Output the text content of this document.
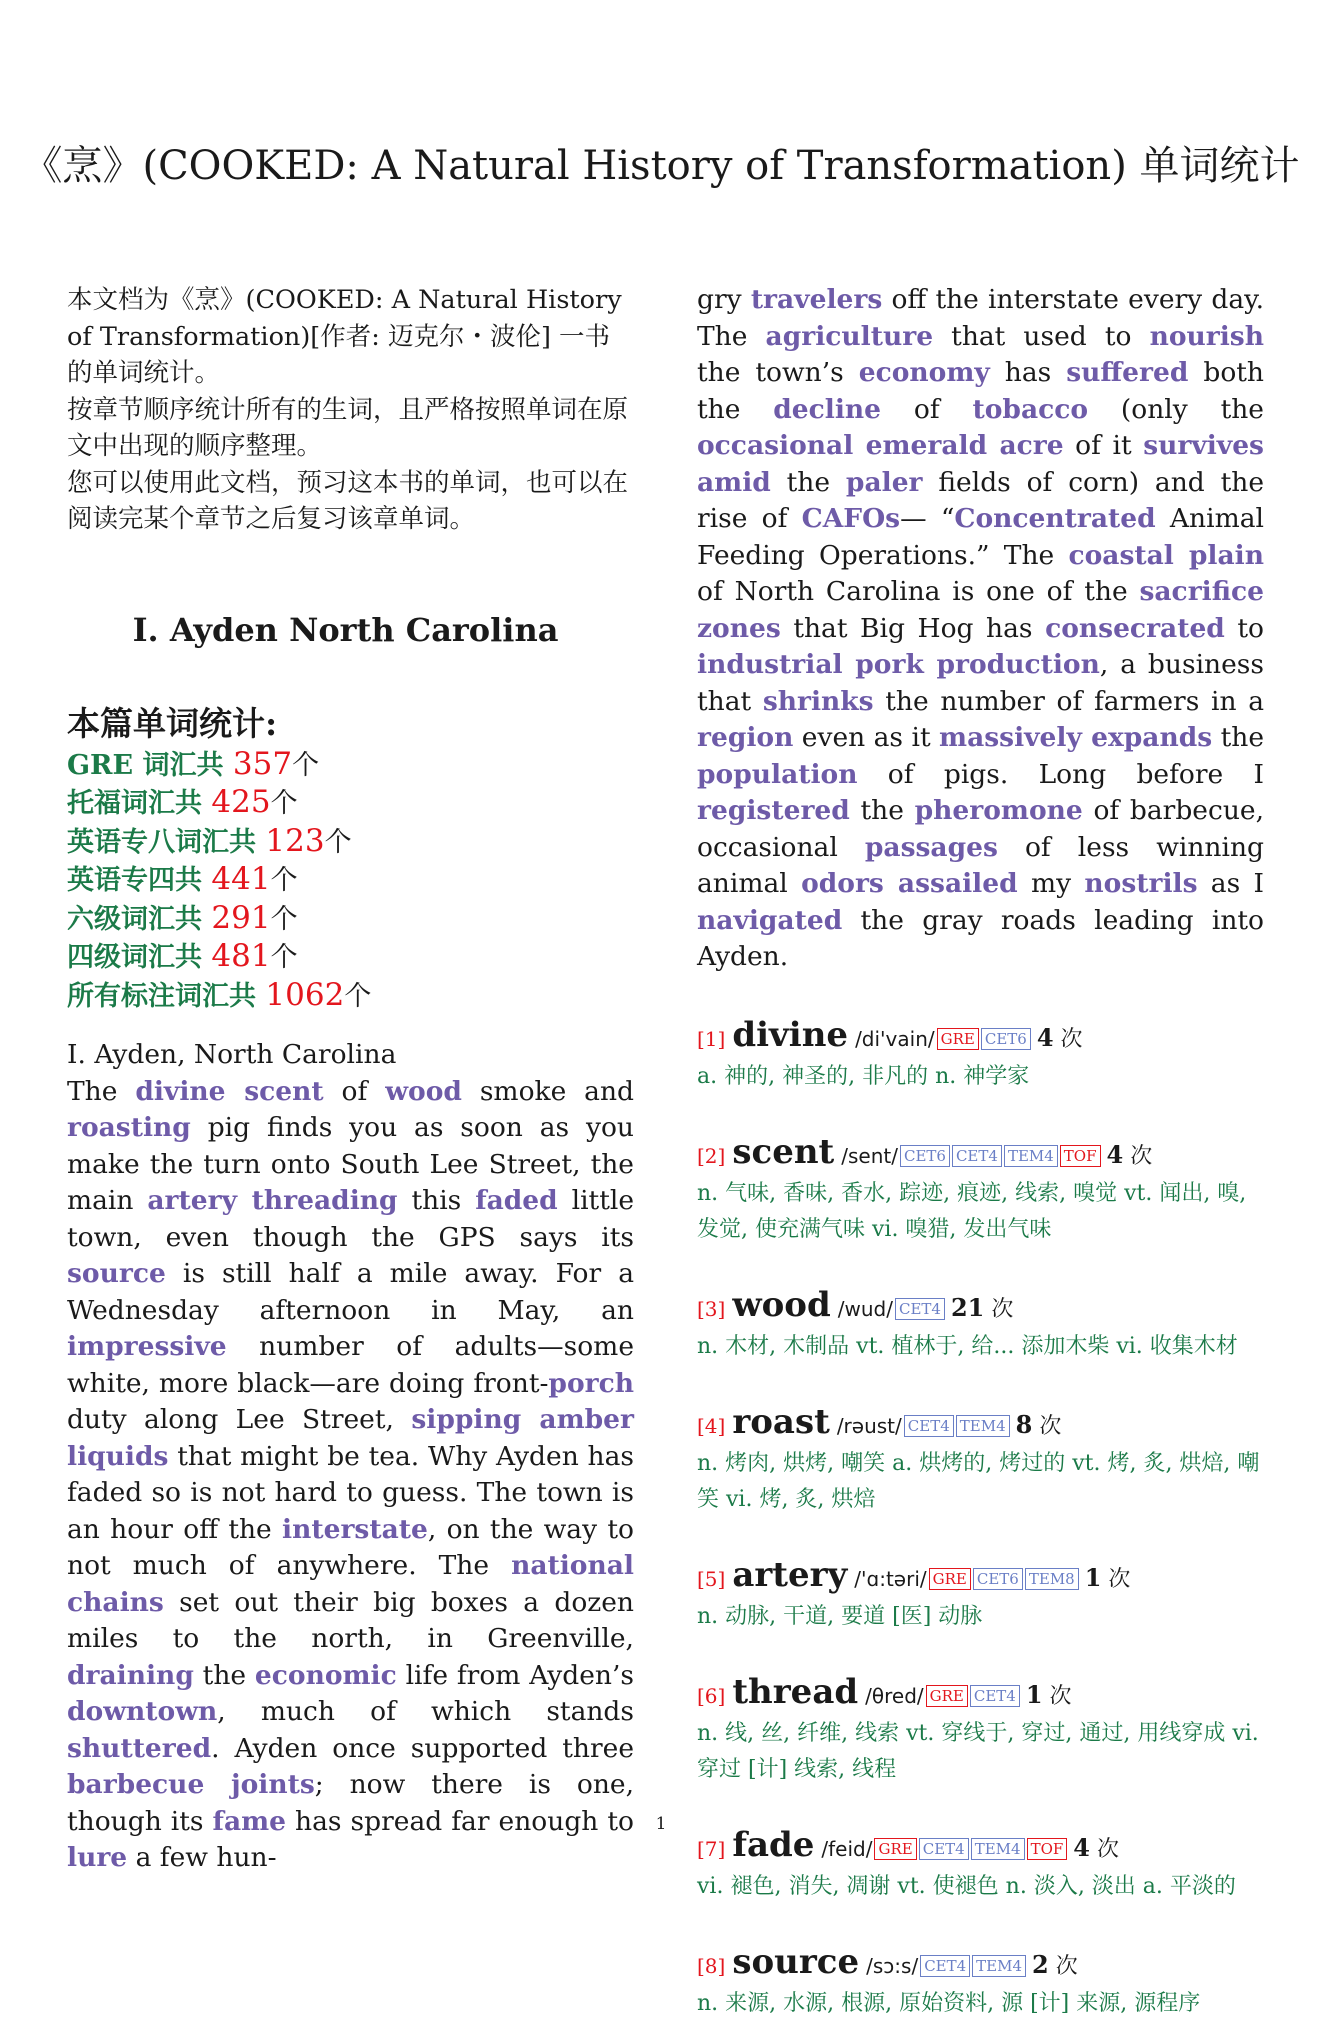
《烹》(COOKED: A Natural History of Transformation) 单词统计

本文档为《烹》(COOKED: A Natural History of Transformation)[作者: 迈克尔・波伦] 一书的单词统计。

按章节顺序统计所有的生词，且严格按照单词在原文中出现的顺序整理。

您可以使用此文档，预习这本书的单词，也可以在阅读完某个章节之后复习该章单词。

I. Ayden North Carolina
本篇单词统计:
GRE 词汇共 357个
托福词汇共 425个
英语专八词汇共 123个
英语专四共 441个
六级词汇共 291个
四级词汇共 481个
所有标注词汇共 1062个

I. Ayden, North Carolina

The divine scent of wood smoke and roasting pig finds you as soon as you make the turn onto South Lee Street, the main artery threading this faded little town, even though the GPS says its source is still half a mile away. For a Wednesday afternoon in May, an impressive number of adults—some white, more black—are doing front-porch duty along Lee Street, sipping amber liquids that might be tea. Why Ayden has faded so is not hard to guess. The town is an hour off the interstate, on the way to not much of anywhere. The national chains set out their big boxes a dozen miles to the north, in Greenville, draining the economic life from Ayden’s downtown, much of which stands shuttered. Ayden once supported three barbecue joints; now there is one, though its fame has spread far enough to lure a few hun-

gry travelers off the interstate every day. The agriculture that used to nourish the town’s economy has suffered both the decline of tobacco (only the occasional emerald acre of it survives amid the paler fields of corn) and the rise of CAFOs— “Concentrated Animal Feeding Operations.” The coastal plain of North Carolina is one of the sacrifice zones that Big Hog has consecrated to industrial pork production, a business that shrinks the number of farmers in a region even as it massively expands the population of pigs. Long before I registered the pheromone of barbecue, occasional passages of less winning animal odors assailed my nostrils as I navigated the gray roads leading into Ayden.

[1] divine /di'vain/ GRE CET6 4 次
a. 神的, 神圣的, 非凡的 n. 神学家
[2] scent /sent/ CET6 CET4 TEM4 TOF 4 次
n. 气味, 香味, 香水, 踪迹, 痕迹, 线索, 嗅觉 vt. 闻出, 嗅, 发觉, 使充满气味 vi. 嗅猎, 发出气味
[3] wood /wud/ CET4 21 次
n. 木材, 木制品 vt. 植林于, 给... 添加木柴 vi. 收集木材
[4] roast /rəust/ CET4 TEM4 8 次
n. 烤肉, 烘烤, 嘲笑 a. 烘烤的, 烤过的 vt. 烤, 炙, 烘焙, 嘲笑 vi. 烤, 炙, 烘焙
[5] artery /'ɑ:təri/ GRE CET6 TEM8 1 次
n. 动脉, 干道, 要道 [医] 动脉
[6] thread /θred/ GRE CET4 1 次
n. 线, 丝, 纤维, 线索 vt. 穿线于, 穿过, 通过, 用线穿成 vi. 穿过 [计] 线索, 线程
[7] fade /feid/ GRE CET4 TEM4 TOF 4 次
vi. 褪色, 消失, 凋谢 vt. 使褪色 n. 淡入, 淡出 a. 平淡的
[8] source /sɔ:s/ CET4 TEM4 2 次
n. 来源, 水源, 根源, 原始资料, 源 [计] 来源, 源程序
1
